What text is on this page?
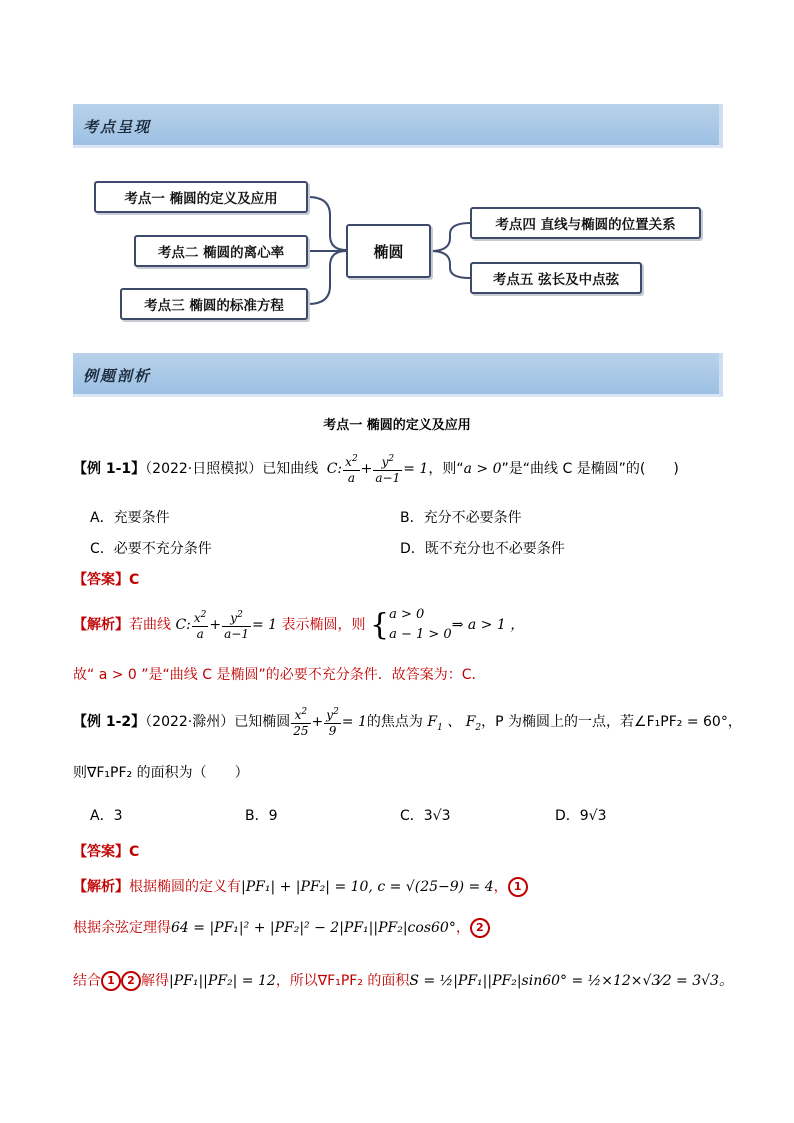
考点呈现
考点一 椭圆的定义及应用
考点二 椭圆的离心率
考点三 椭圆的标准方程
椭圆
考点四 直线与椭圆的位置关系
考点五 弦长及中点弦
例题剖析
考点一 椭圆的定义及应用
【例 1-1】（2022·日照模拟）已知曲线 C: $\frac{x^2}{a} + \frac{y^2}{a-1} = 1$，则“a > 0”是“曲线 C 是椭圆”的(　　)
A．充要条件	B．充分不必要条件
C．必要不充分条件	D．既不充分也不必要条件
【答案】C
【解析】若曲线 C: $\frac{x^2}{a} + \frac{y^2}{a-1} = 1$ 表示椭圆，则 {a > 0
a − 1 > 0⇒ a > 1 ，
故“ a > 0 ”是“曲线 C 是椭圆”的必要不充分条件．故答案为：C．
【例 1-2】（2022·滁州）已知椭圆 $\frac{x^2}{25} + \frac{y^2}{9} = 1$的焦点为 $F_1$ 、 $F_2$，P 为椭圆上的一点，若∠F₁PF₂ = 60°，
则∇F₁PF₂ 的面积为（　　）
A．3	B．9	C．3√3	D．9√3
【答案】C
【解析】根据椭圆的定义有|PF₁| + |PF₂| = 10, c = √(25−9) = 4， 1
根据余弦定理得64 = |PF₁|² + |PF₂|² − 2|PF₁||PF₂|cos60°， 2
结合 1 2 解得|PF₁||PF₂| = 12，所以∇F₁PF₂ 的面积S = ½|PF₁||PF₂|sin60° = ½×12×√3⁄2 = 3√3。
